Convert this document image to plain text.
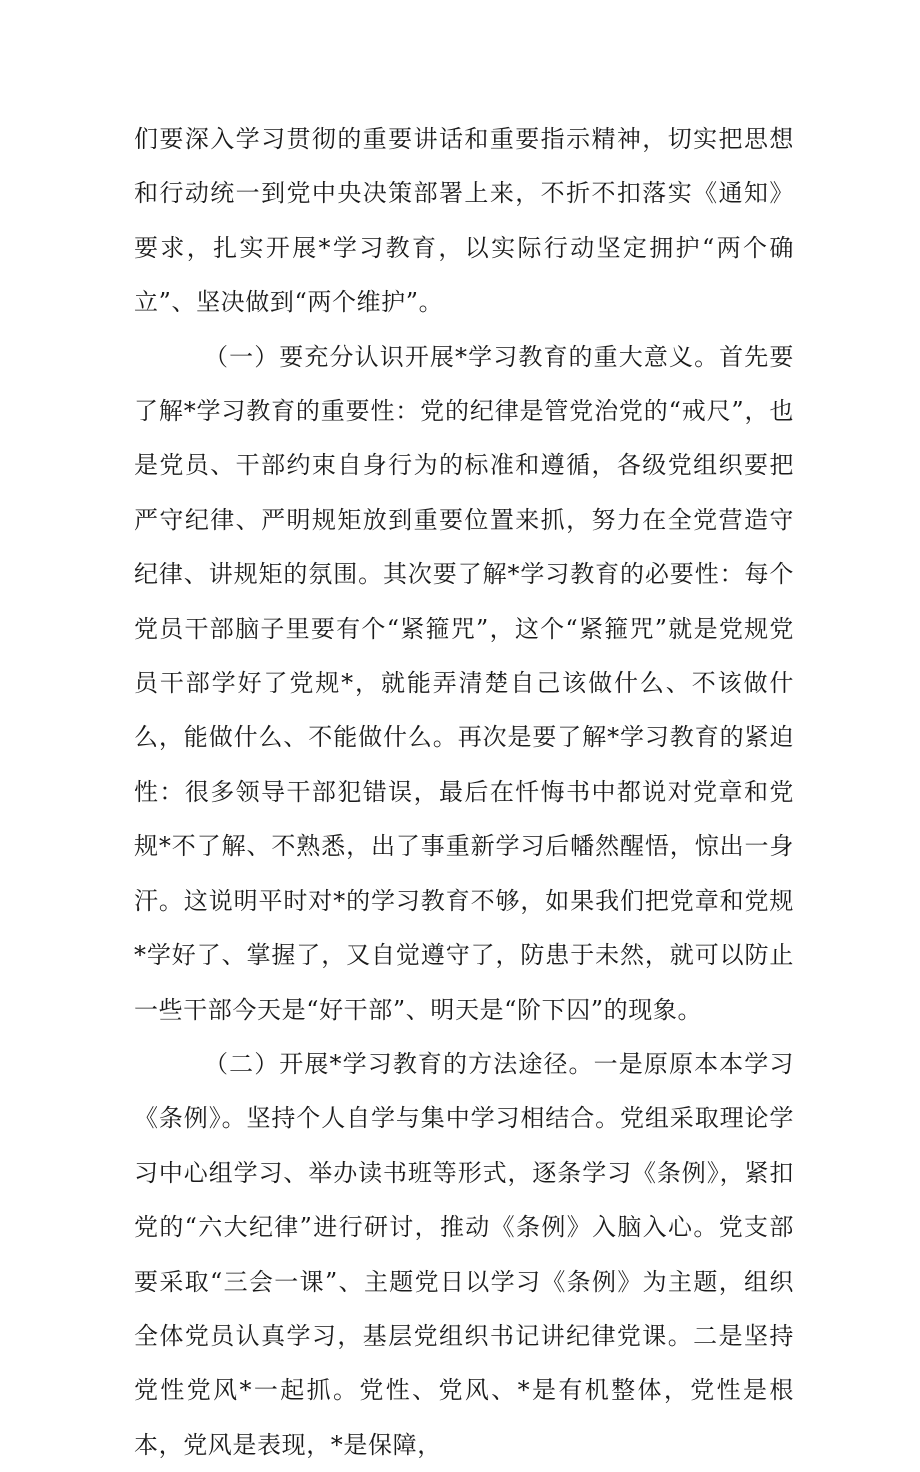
们要深入学习贯彻的重要讲话和重要指示精神，切实把思想和行动统一到党中央决策部署上来，不折不扣落实《通知》要求，扎实开展*学习教育，以实际行动坚定拥护“两个确立”、坚决做到“两个维护”。

（一）要充分认识开展*学习教育的重大意义。首先要了解*学习教育的重要性：党的纪律是管党治党的“戒尺”，也是党员、干部约束自身行为的标准和遵循，各级党组织要把严守纪律、严明规矩放到重要位置来抓，努力在全党营造守纪律、讲规矩的氛围。其次要了解*学习教育的必要性：每个党员干部脑子里要有个“紧箍咒”，这个“紧箍咒”就是党规党员干部学好了党规*，就能弄清楚自己该做什么、不该做什么，能做什么、不能做什么。再次是要了解*学习教育的紧迫性：很多领导干部犯错误，最后在忏悔书中都说对党章和党规*不了解、不熟悉，出了事重新学习后幡然醒悟，惊出一身汗。这说明平时对*的学习教育不够，如果我们把党章和党规*学好了、掌握了，又自觉遵守了，防患于未然，就可以防止一些干部今天是“好干部”、明天是“阶下囚”的现象。

（二）开展*学习教育的方法途径。一是原原本本学习《条例》。坚持个人自学与集中学习相结合。党组采取理论学习中心组学习、举办读书班等形式，逐条学习《条例》，紧扣党的“六大纪律”进行研讨，推动《条例》入脑入心。党支部要采取“三会一课”、主题党日以学习《条例》为主题，组织全体党员认真学习，基层党组织书记讲纪律党课。二是坚持党性党风*一起抓。党性、党风、*是有机整体，党性是根本，党风是表现，*是保障，
